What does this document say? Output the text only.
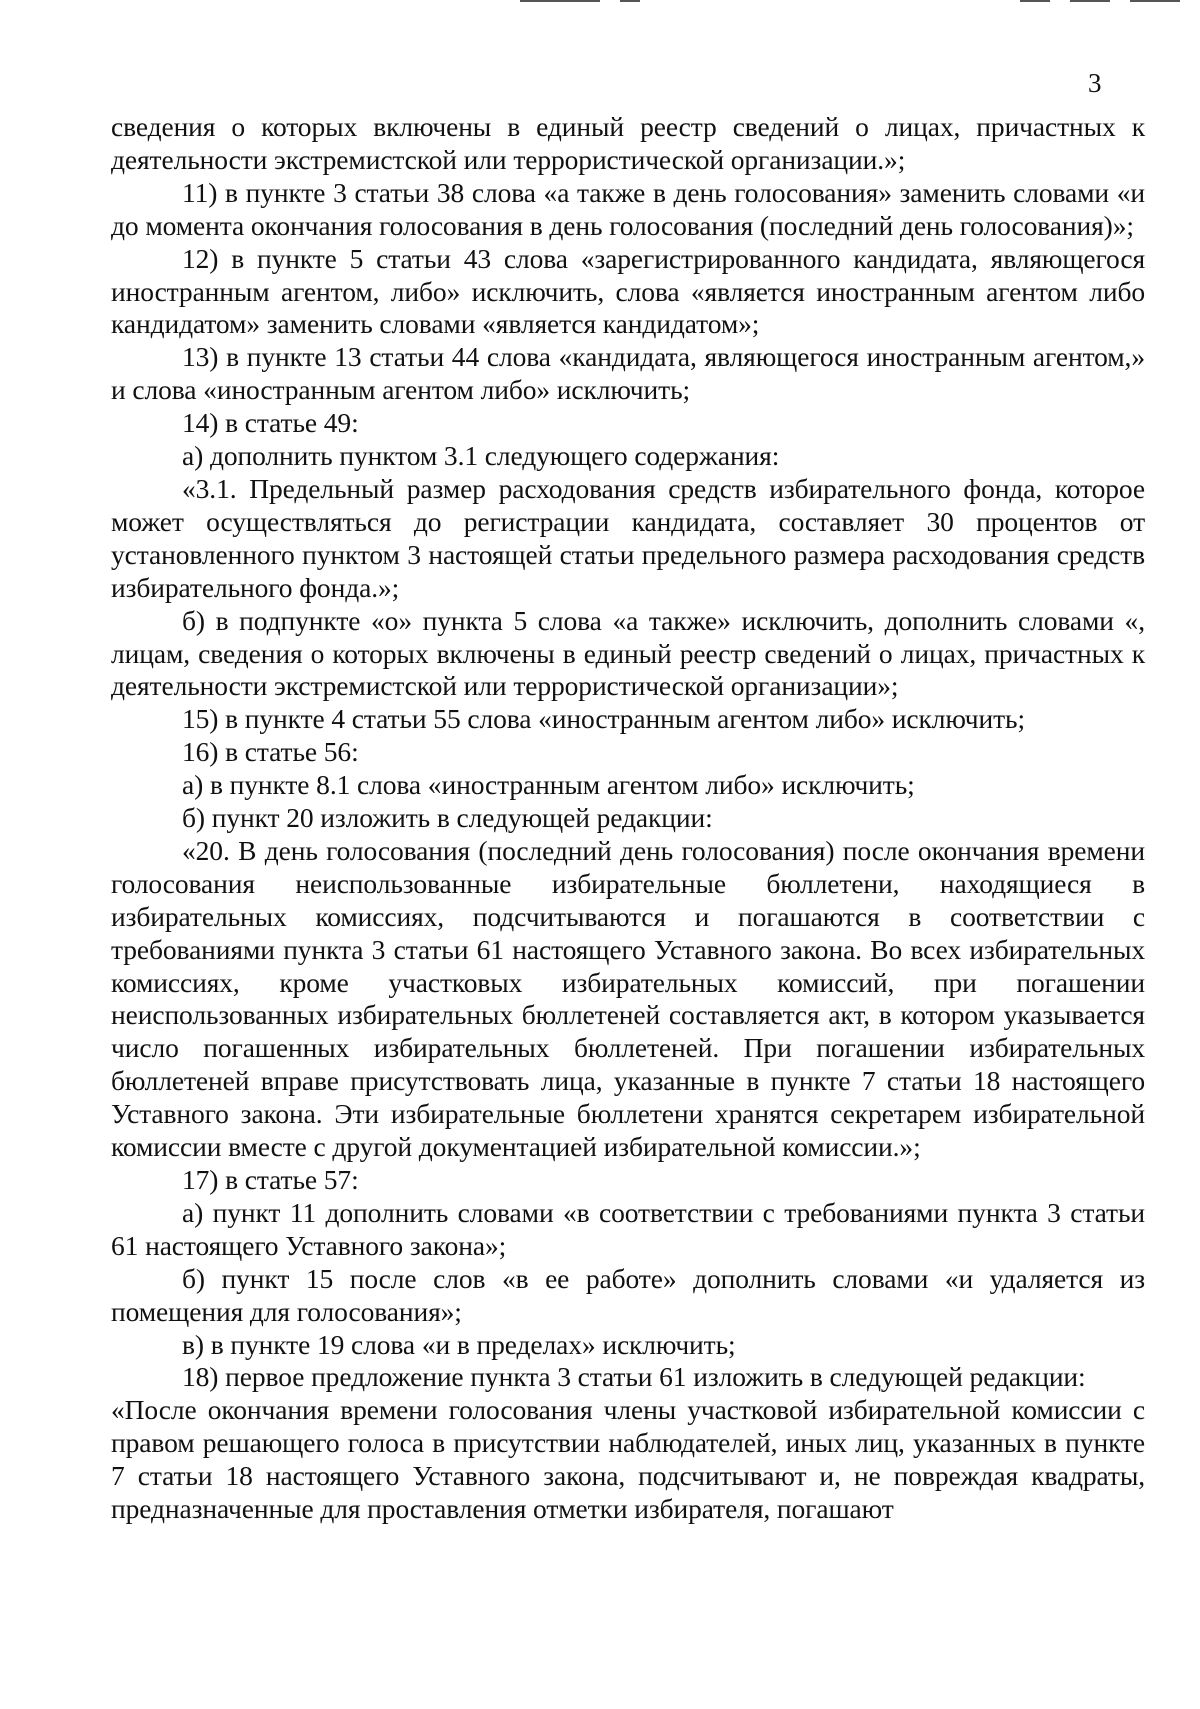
3

сведения о которых включены в единый реестр сведений о лицах, причастных к деятельности экстремистской или террористической организации.»;

11) в пункте 3 статьи 38 слова «а также в день голосования» заменить словами «и до момента окончания голосования в день голосования (последний день голосования)»;

12) в пункте 5 статьи 43 слова «зарегистрированного кандидата, являющегося иностранным агентом, либо» исключить, слова «является иностранным агентом либо кандидатом» заменить словами «является кандидатом»;

13) в пункте 13 статьи 44 слова «кандидата, являющегося иностранным агентом,» и слова «иностранным агентом либо» исключить;

14) в статье 49:

а) дополнить пунктом 3.1 следующего содержания:

«3.1. Предельный размер расходования средств избирательного фонда, которое может осуществляться до регистрации кандидата, составляет 30 процентов от установленного пунктом 3 настоящей статьи предельного размера расходования средств избирательного фонда.»;

б) в подпункте «о» пункта 5 слова «а также» исключить, дополнить словами «, лицам, сведения о которых включены в единый реестр сведений о лицах, причастных к деятельности экстремистской или террористической организации»;

15) в пункте 4 статьи 55 слова «иностранным агентом либо» исключить;

16) в статье 56:

а) в пункте 8.1 слова «иностранным агентом либо» исключить;

б) пункт 20 изложить в следующей редакции:

«20. В день голосования (последний день голосования) после окончания времени голосования неиспользованные избирательные бюллетени, находящиеся в избирательных комиссиях, подсчитываются и погашаются в соответствии с требованиями пункта 3 статьи 61 настоящего Уставного закона. Во всех избирательных комиссиях, кроме участковых избирательных комиссий, при погашении неиспользованных избирательных бюллетеней составляется акт, в котором указывается число погашенных избирательных бюллетеней. При погашении избирательных бюллетеней вправе присутствовать лица, указанные в пункте 7 статьи 18 настоящего Уставного закона. Эти избирательные бюллетени хранятся секретарем избирательной комиссии вместе с другой документацией избирательной комиссии.»;

17) в статье 57:

а) пункт 11 дополнить словами «в соответствии с требованиями пункта 3 статьи 61 настоящего Уставного закона»;

б) пункт 15 после слов «в ее работе» дополнить словами «и удаляется из помещения для голосования»;

в) в пункте 19 слова «и в пределах» исключить;

18) первое предложение пункта 3 статьи 61 изложить в следующей редакции:

«После окончания времени голосования члены участковой избирательной комиссии с правом решающего голоса в присутствии наблюдателей, иных лиц, указанных в пункте 7 статьи 18 настоящего Уставного закона, подсчитывают и, не повреждая квадраты, предназначенные для проставления отметки избирателя, погашают
